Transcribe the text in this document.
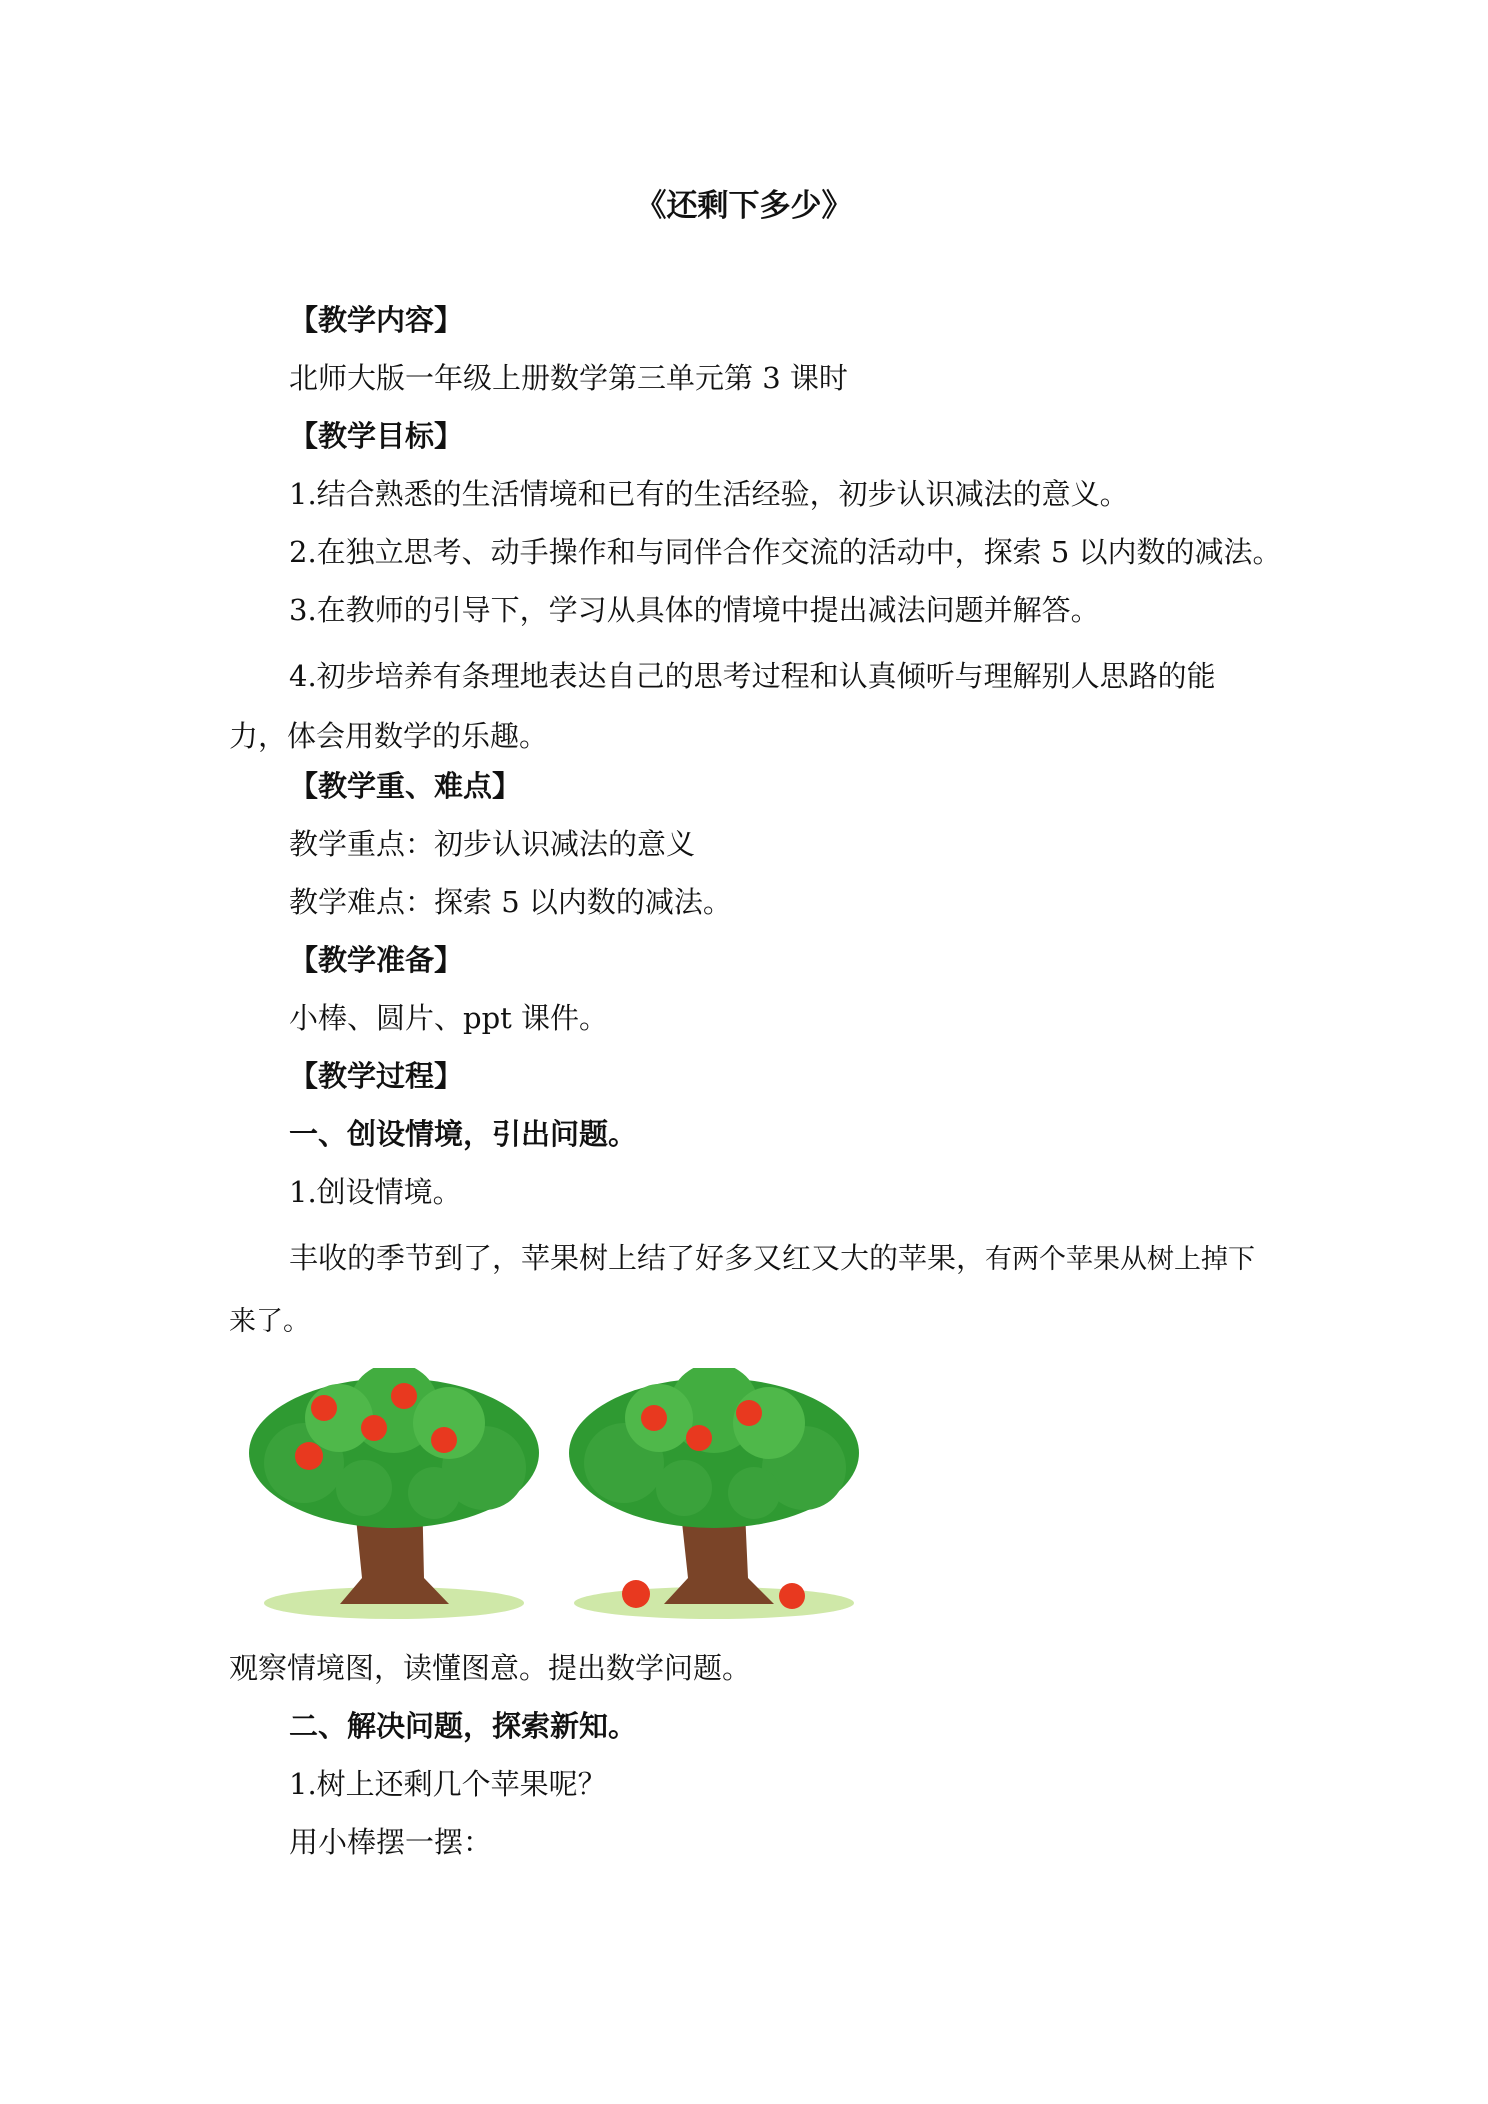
《还剩下多少》
【教学内容】
北师大版一年级上册数学第三单元第 3 课时
【教学目标】
1.结合熟悉的生活情境和已有的生活经验，初步认识减法的意义。
2.在独立思考、动手操作和与同伴合作交流的活动中，探索 5 以内数的减法。
3.在教师的引导下，学习从具体的情境中提出减法问题并解答。
4.初步培养有条理地表达自己的思考过程和认真倾听与理解别人思路的能力，体会用数学的乐趣。
【教学重、难点】
教学重点：初步认识减法的意义
教学难点：探索 5 以内数的减法。
【教学准备】
小棒、圆片、ppt 课件。
【教学过程】
一、创设情境，引出问题。
1.创设情境。
丰收的季节到了，苹果树上结了好多又红又大的苹果，有两个苹果从树上掉下来了。
观察情境图，读懂图意。提出数学问题。
二、解决问题，探索新知。
1.树上还剩几个苹果呢？
用小棒摆一摆：
